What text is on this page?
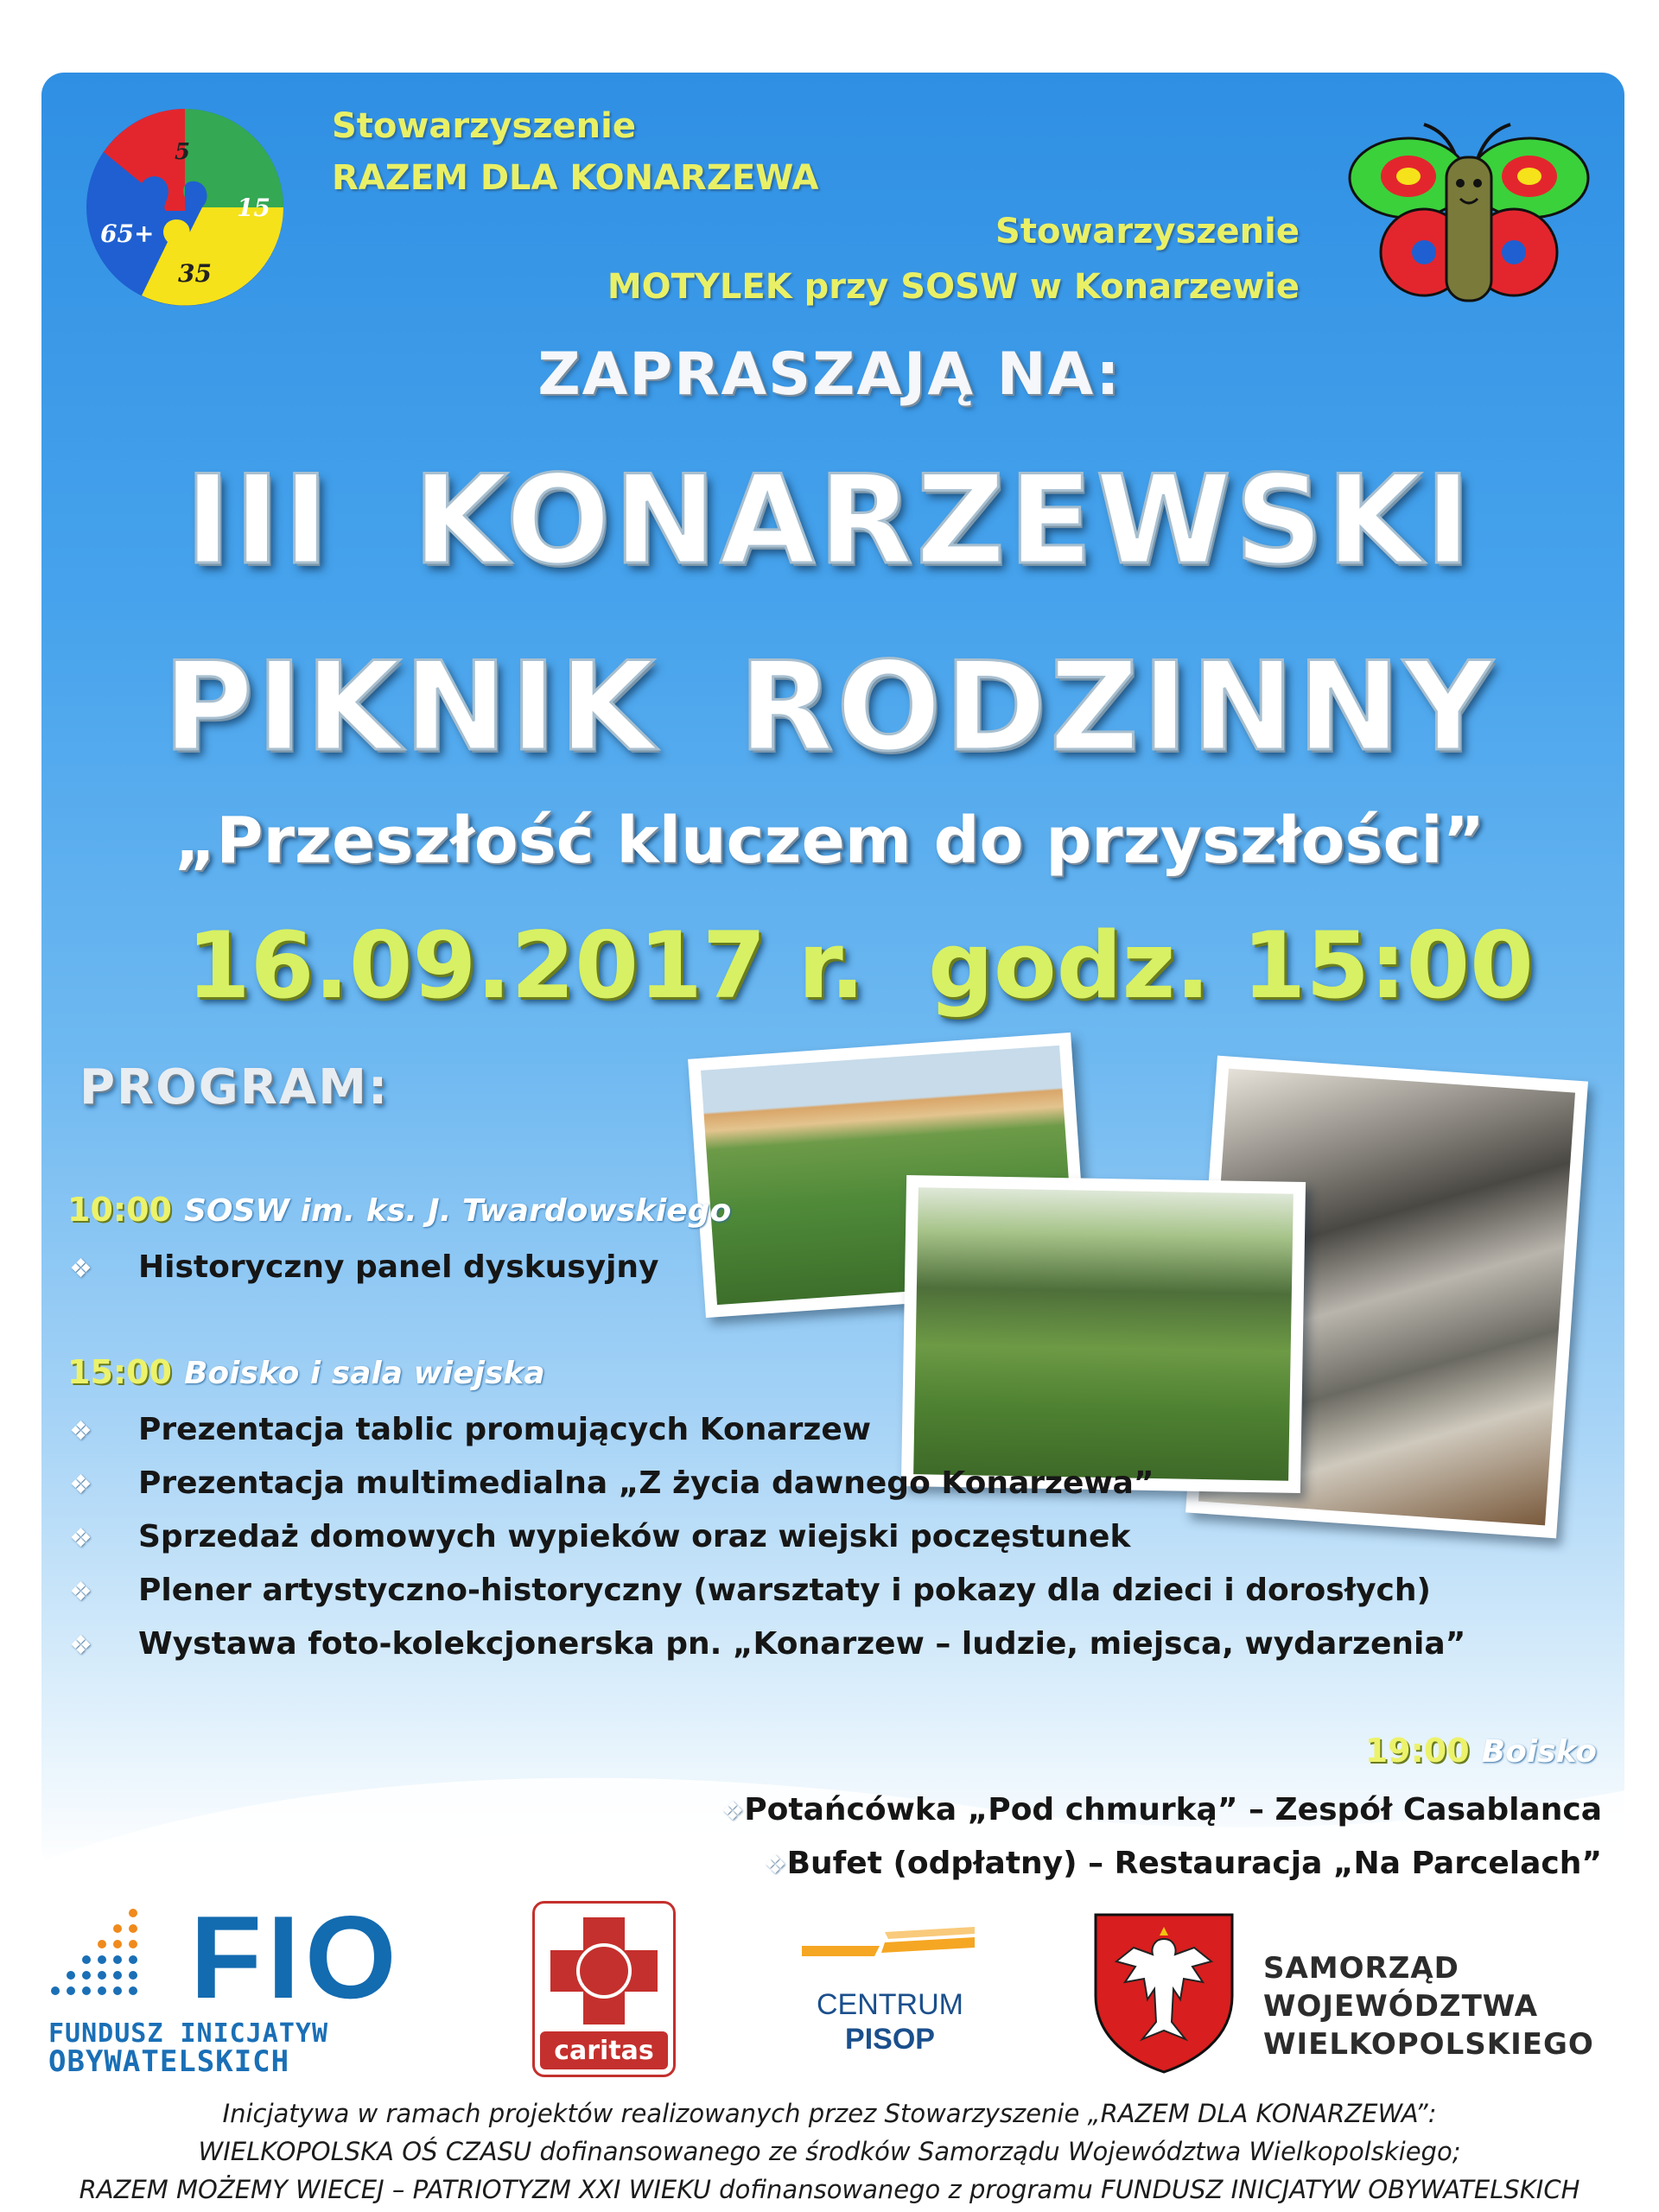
5
15
65+
35
Stowarzyszenie
RAZEM DLA KONARZEWA
Stowarzyszenie
MOTYLEK przy SOSW w Konarzewie
ZAPRASZAJĄ NA:
III KONARZEWSKI
PIKNIK RODZINNY
„Przeszłość kluczem do przyszłości”
16.09.2017 r. godz. 15:00
PROGRAM:
10:00 SOSW im. ks. J. Twardowskiego
❖ Historyczny panel dyskusyjny
15:00 Boisko i sala wiejska
❖ Prezentacja tablic promujących Konarzew
❖ Prezentacja multimedialna „Z życia dawnego Konarzewa”
❖ Sprzedaż domowych wypieków oraz wiejski poczęstunek
❖ Plener artystyczno-historyczny (warsztaty i pokazy dla dzieci i dorosłych)
❖ Wystawa foto-kolekcjonerska pn. „Konarzew – ludzie, miejsca, wydarzenia”
19:00 Boisko
❖Potańcówka „Pod chmurką” – Zespół Casablanca
❖Bufet (odpłatny) – Restauracja „Na Parcelach”
FIO
FUNDUSZ INICJATYW
OBYWATELSKICH	caritas
CENTRUM
PISOP
SAMORZĄD WOJEWÓDZTWA
WIELKOPOLSKIEGO
Inicjatywa w ramach projektów realizowanych przez Stowarzyszenie „RAZEM DLA KONARZEWA”:
WIELKOPOLSKA OŚ CZASU dofinansowanego ze środków Samorządu Województwa Wielkopolskiego;
RAZEM MOŻEMY WIECEJ – PATRIOTYZM XXI WIEKU dofinansowanego z programu FUNDUSZ INICJATYW OBYWATELSKICH
